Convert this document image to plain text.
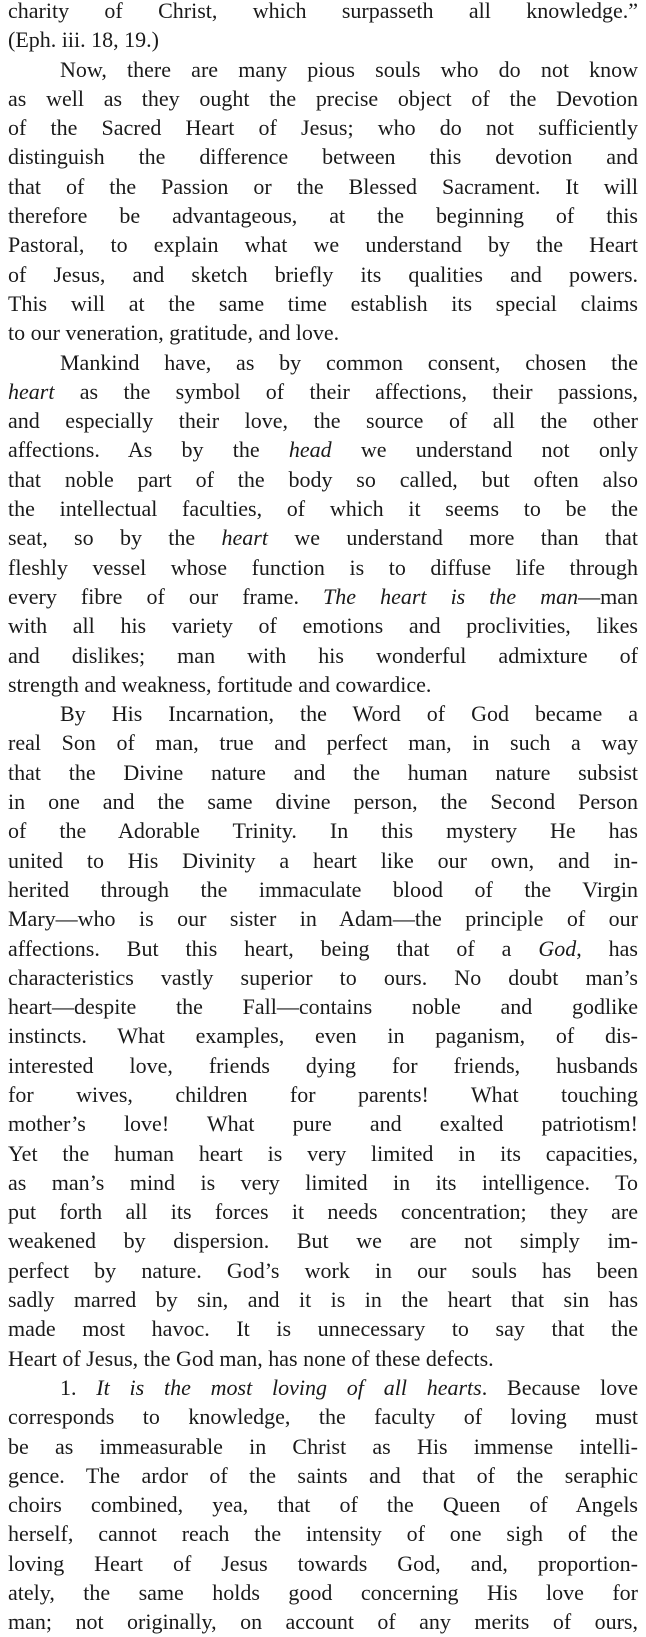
charity of Christ, which surpasseth all knowledge.”
(Eph. iii. 18, 19.)
Now, there are many pious souls who do not know
as well as they ought the precise object of the Devotion
of the Sacred Heart of Jesus; who do not sufficiently
distinguish the difference between this devotion and
that of the Passion or the Blessed Sacrament. It will
therefore be advantageous, at the beginning of this
Pastoral, to explain what we understand by the Heart
of Jesus, and sketch briefly its qualities and powers.
This will at the same time establish its special claims
to our veneration, gratitude, and love.
Mankind have, as by common consent, chosen the
heart as the symbol of their affections, their passions,
and especially their love, the source of all the other
affections. As by the head we understand not only
that noble part of the body so called, but often also
the intellectual faculties, of which it seems to be the
seat, so by the heart we understand more than that
fleshly vessel whose function is to diffuse life through
every fibre of our frame. The heart is the man—man
with all his variety of emotions and proclivities, likes
and dislikes; man with his wonderful admixture of
strength and weakness, fortitude and cowardice.
By His Incarnation, the Word of God became a
real Son of man, true and perfect man, in such a way
that the Divine nature and the human nature subsist
in one and the same divine person, the Second Person
of the Adorable Trinity. In this mystery He has
united to His Divinity a heart like our own, and in-
herited through the immaculate blood of the Virgin
Mary—who is our sister in Adam—the principle of our
affections. But this heart, being that of a God, has
characteristics vastly superior to ours. No doubt man’s
heart—despite the Fall—contains noble and godlike
instincts. What examples, even in paganism, of dis-
interested love, friends dying for friends, husbands
for wives, children for parents! What touching
mother’s love! What pure and exalted patriotism!
Yet the human heart is very limited in its capacities,
as man’s mind is very limited in its intelligence. To
put forth all its forces it needs concentration; they are
weakened by dispersion. But we are not simply im-
perfect by nature. God’s work in our souls has been
sadly marred by sin, and it is in the heart that sin has
made most havoc. It is unnecessary to say that the
Heart of Jesus, the God man, has none of these defects.
1. It is the most loving of all hearts. Because love
corresponds to knowledge, the faculty of loving must
be as immeasurable in Christ as His immense intelli-
gence. The ardor of the saints and that of the seraphic
choirs combined, yea, that of the Queen of Angels
herself, cannot reach the intensity of one sigh of the
loving Heart of Jesus towards God, and, proportion-
ately, the same holds good concerning His love for
man; not originally, on account of any merits of ours,
